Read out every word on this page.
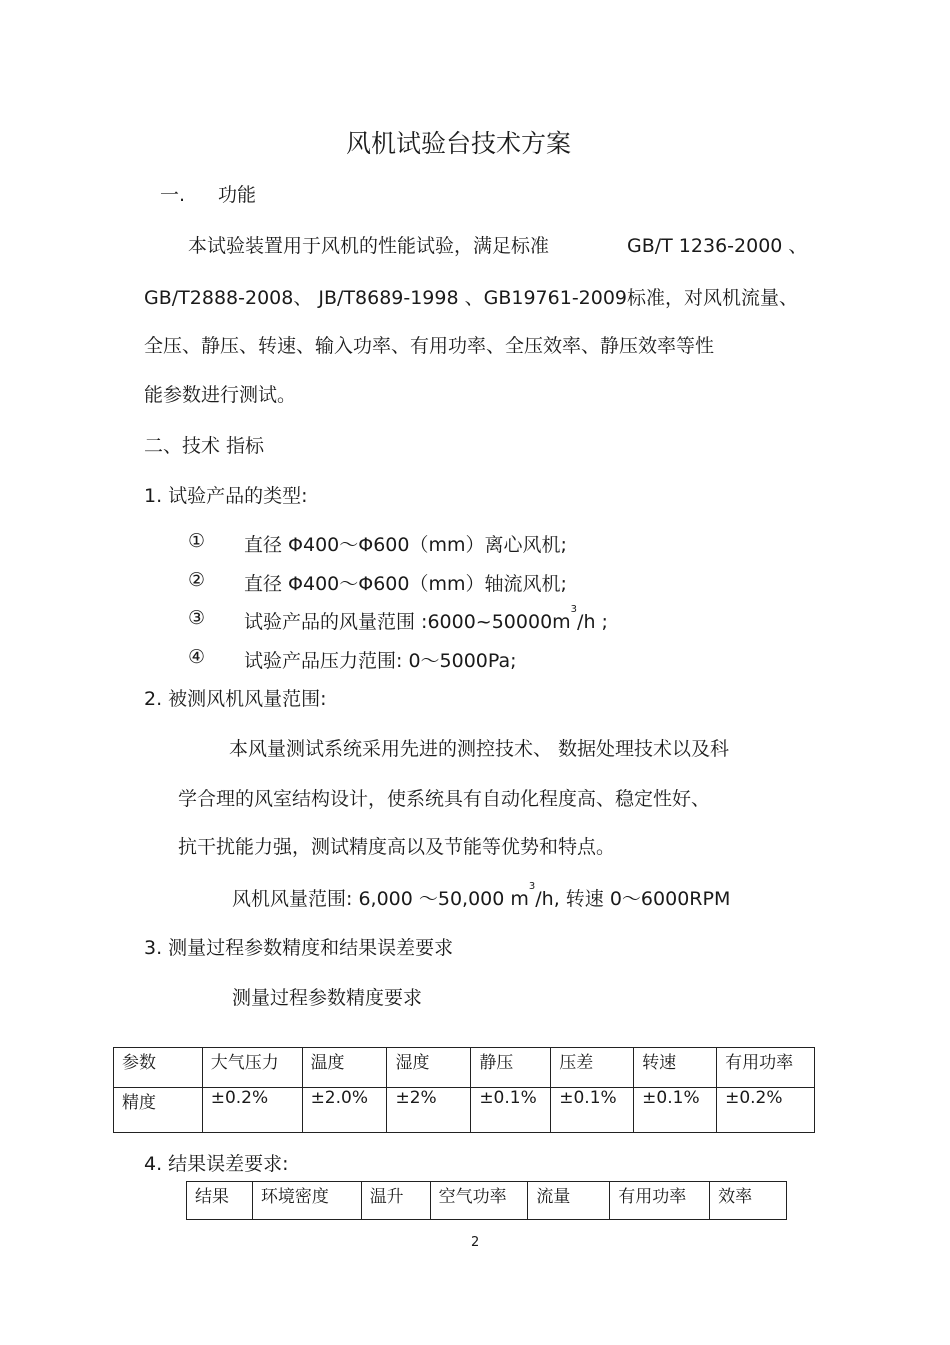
风机试验台技术方案
一. 功能
本试验装置用于风机的性能试验，满足标准	GB/T 1236-2000 、
GB/T2888-2008、 JB/T8689-1998 、GB19761-2009标准，对风机流量、
全压、静压、转速、输入功率、有用功率、全压效率、静压效率等性
能参数进行测试。
二、技术 指标
1. 试验产品的类型:
① 直径 Φ400～Φ600（mm）离心风机;
② 直径 Φ400～Φ600（mm）轴流风机;
③ 试验产品的风量范围 $:6000\sim 50000m^3/h$ ;
④ 试验产品压力范围: 0～5000Pa;
2. 被测风机风量范围:
本风量测试系统采用先进的测控技术、 数据处理技术以及科
学合理的风室结构设计，使系统具有自动化程度高、稳定性好、
抗干扰能力强，测试精度高以及节能等优势和特点。
风机风量范围: 6,000 ～50,000 $m^3/h$, 转速 0～6000RPM
3. 测量过程参数精度和结果误差要求
测量过程参数精度要求
参数	大气压力	温度	湿度	静压	压差	转速	有用功率
精度	±0.2%	±2.0%	±2%	±0.1%	±0.1%	±0.1%	±0.2%
4. 结果误差要求:
结果	环境密度	温升	空气功率	流量	有用功率	效率
2
